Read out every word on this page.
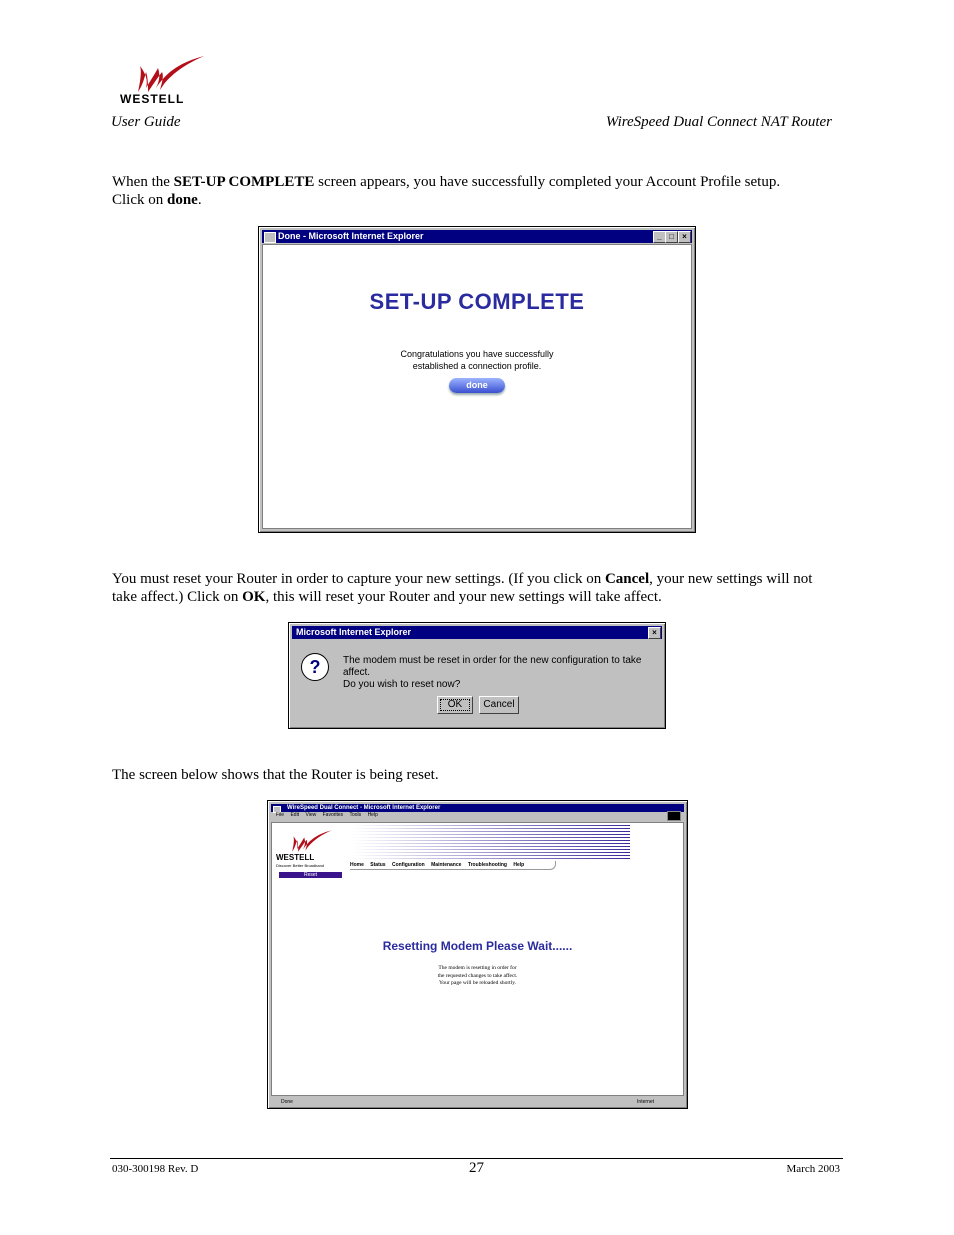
WESTELL
User Guide	WireSpeed Dual Connect NAT Router
When the SET-UP COMPLETE screen appears, you have successfully completed your Account Profile setup.
Click on done.
Done - Microsoft Internet Explorer	_ □	×
SET-UP COMPLETE
Congratulations you have successfully
established a connection profile.
done
You must reset your Router in order to capture your new settings. (If you click on Cancel, your new settings will not
take affect.) Click on OK, this will reset your Router and your new settings will take affect.
Microsoft Internet Explorer	×
?	The modem must be reset in order for the new configuration to take affect.
Do you wish to reset now?
OK	Cancel
The screen below shows that the Router is being reset.
WireSpeed Dual Connect - Microsoft Internet Explorer
File Edit View Favorites Tools Help
WESTELL
Discover Better Broadband	Home Status Configuration Maintenance Troubleshooting Help
Reset
Resetting Modem Please Wait......
The modem is resetting in order for
the requested changes to take affect.
Your page will be reloaded shortly.
Done	Internet
030-300198 Rev. D	27	March 2003
